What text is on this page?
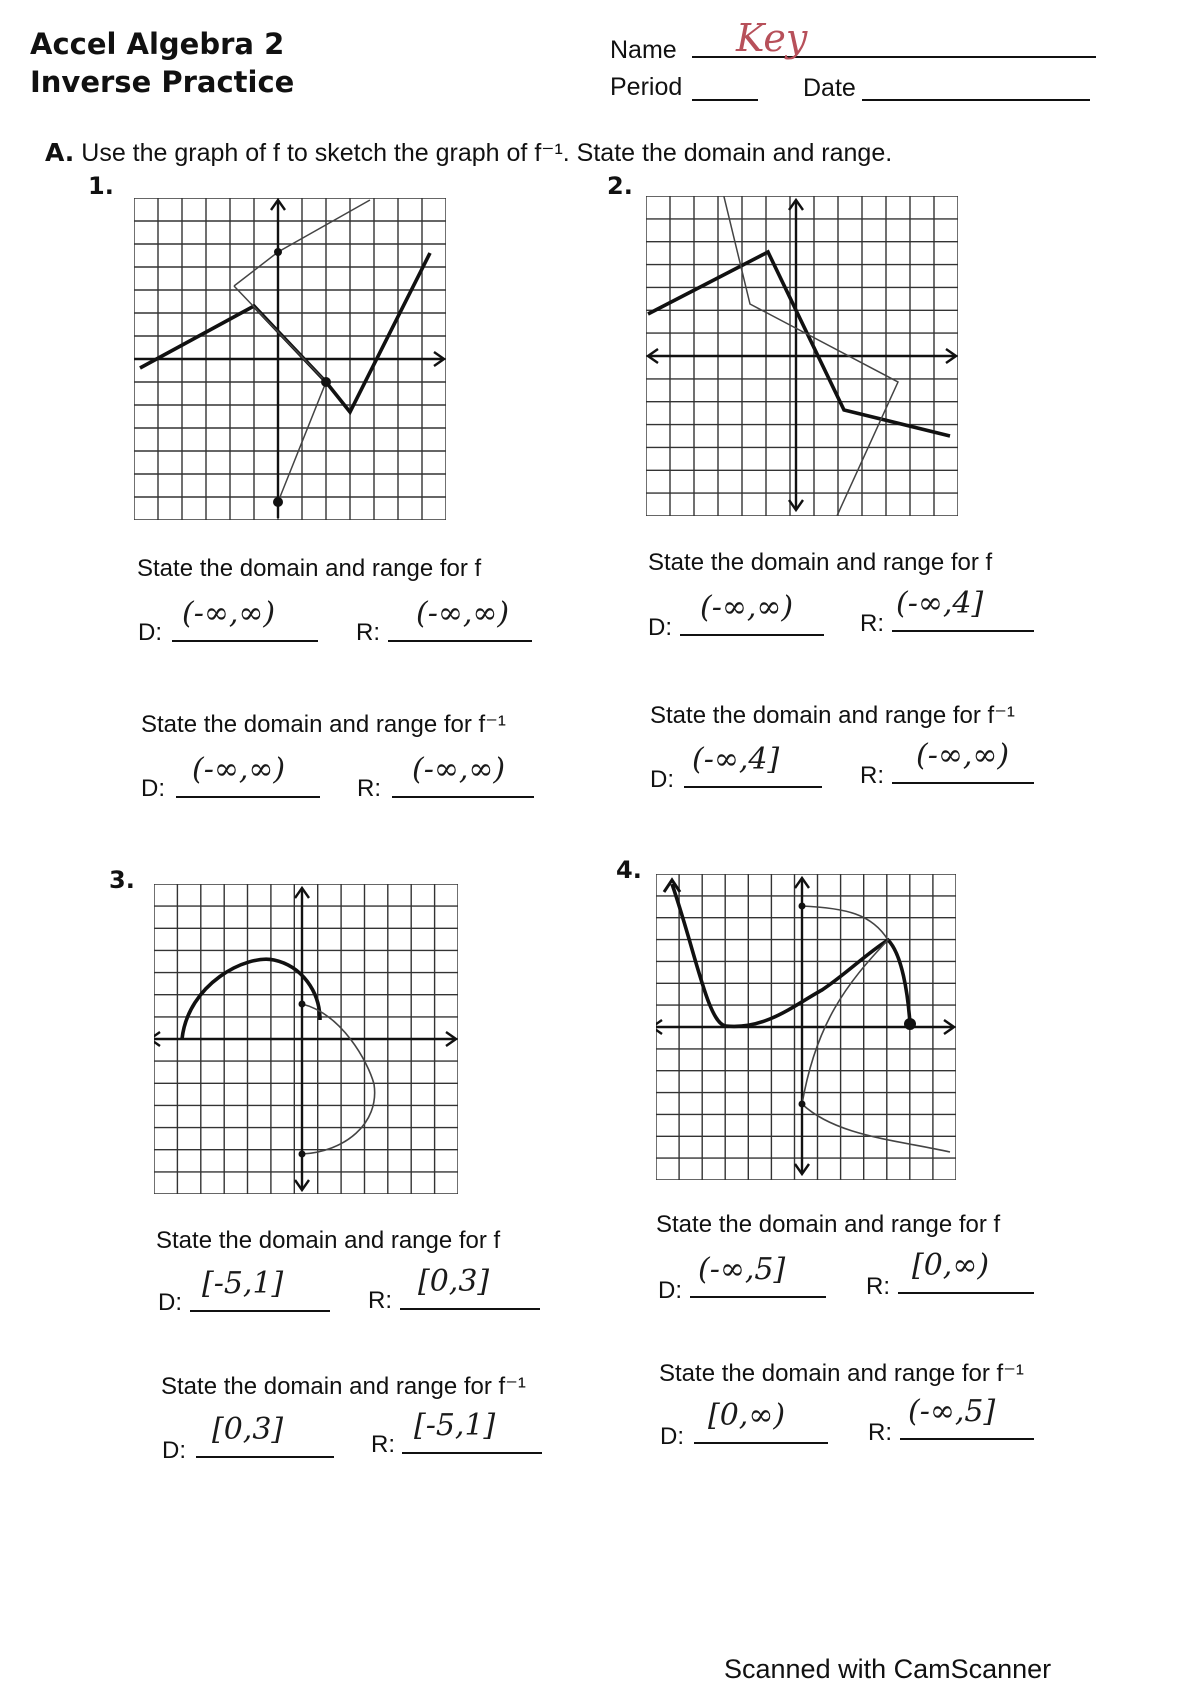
Accel Algebra 2
Inverse Practice
Name Key
Period	Date
A. Use the graph of f to sketch the graph of f⁻¹. State the domain and range.
1.
State the domain and range for f
D:
(-∞,∞)
R:
(-∞,∞)
State the domain and range for f⁻¹
D:
(-∞,∞)
R:
(-∞,∞)
2.
State the domain and range for f
D:
(-∞,∞)	R:
(-∞,4]
State the domain and range for f⁻¹
D:
(-∞,4]	R:
(-∞,∞)
3.
State the domain and range for f
D:
[-5,1]	R:
[0,3]
State the domain and range for f⁻¹
D:
[0,3]	R:
[-5,1]
4.
State the domain and range for f
D:
(-∞,5]	R:
[0,∞)
State the domain and range for f⁻¹
D:
[0,∞)	R:
(-∞,5]
Scanned with CamScanner
